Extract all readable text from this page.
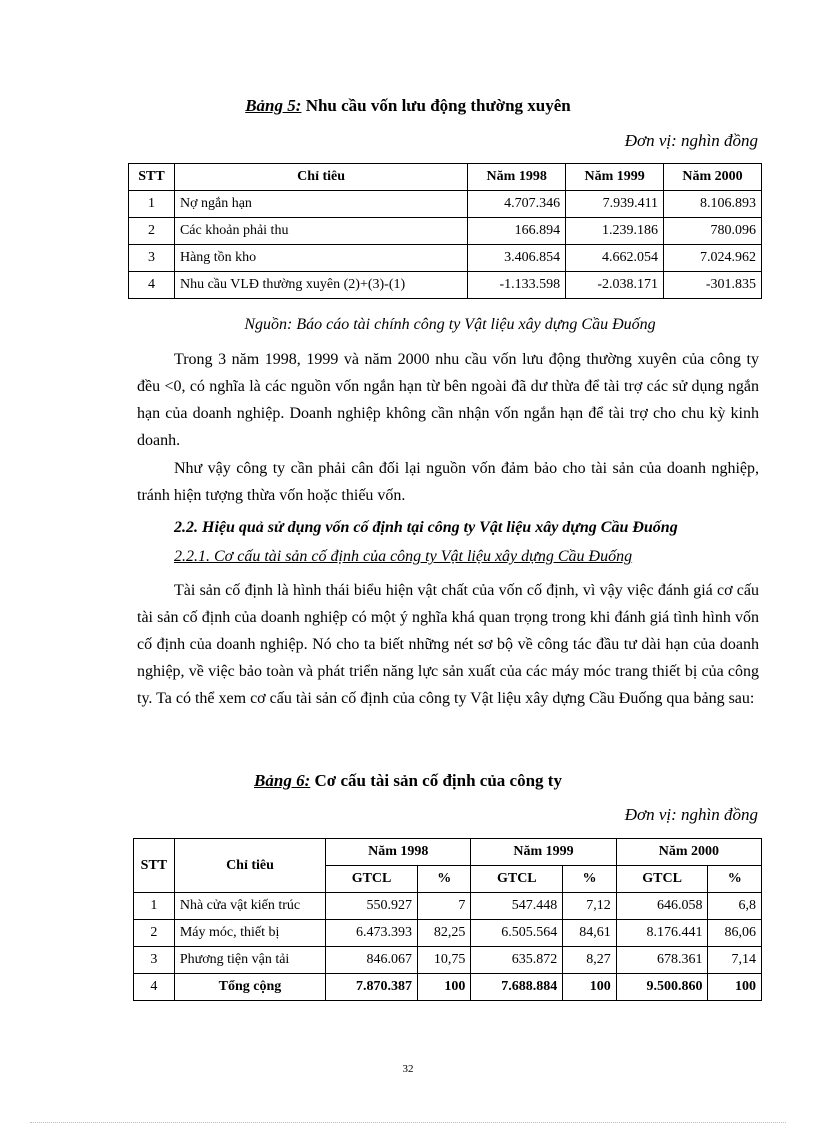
Bảng 5: Nhu cầu vốn lưu động thường xuyên
Đơn vị: nghìn đồng
STT	Chỉ tiêu	Năm 1998	Năm 1999	Năm 2000
1	Nợ ngắn hạn	4.707.346	7.939.411	8.106.893
2	Các khoản phải thu	166.894	1.239.186	780.096
3	Hàng tồn kho	3.406.854	4.662.054	7.024.962
4	Nhu cầu VLĐ thường xuyên (2)+(3)-(1)	-1.133.598	-2.038.171	-301.835
Nguồn: Báo cáo tài chính công ty Vật liệu xây dựng Cầu Đuống

Trong 3 năm 1998, 1999 và năm 2000 nhu cầu vốn lưu động thường xuyên của công ty đều <0, có nghĩa là các nguồn vốn ngắn hạn từ bên ngoài đã dư thừa để tài trợ các sử dụng ngắn hạn của doanh nghiệp. Doanh nghiệp không cần nhận vốn ngắn hạn để tài trợ cho chu kỳ kinh doanh.

Như vậy công ty cần phải cân đối lại nguồn vốn đảm bảo cho tài sản của doanh nghiệp, tránh hiện tượng thừa vốn hoặc thiếu vốn.

2.2. Hiệu quả sử dụng vốn cố định tại công ty Vật liệu xây dựng Cầu Đuống
2.2.1. Cơ cấu tài sản cố định của công ty Vật liệu xây dựng Cầu Đuống

Tài sản cố định là hình thái biểu hiện vật chất của vốn cố định, vì vậy việc đánh giá cơ cấu tài sản cố định của doanh nghiệp có một ý nghĩa khá quan trọng trong khi đánh giá tình hình vốn cố định của doanh nghiệp. Nó cho ta biết những nét sơ bộ về công tác đầu tư dài hạn của doanh nghiệp, về việc bảo toàn và phát triển năng lực sản xuất của các máy móc trang thiết bị của công ty. Ta có thể xem cơ cấu tài sản cố định của công ty Vật liệu xây dựng Cầu Đuống qua bảng sau:

Bảng 6: Cơ cấu tài sản cố định của công ty
Đơn vị: nghìn đồng
STT	Chỉ tiêu	Năm 1998		Năm 1999		Năm 2000	
		GTCL	%	GTCL	%	GTCL	%
1	Nhà cửa vật kiến trúc	550.927	7	547.448	7,12	646.058	6,8
2	Máy móc, thiết bị	6.473.393	82,25	6.505.564	84,61	8.176.441	86,06
3	Phương tiện vận tải	846.067	10,75	635.872	8,27	678.361	7,14
4	Tổng cộng	7.870.387	100	7.688.884	100	9.500.860	100
32
